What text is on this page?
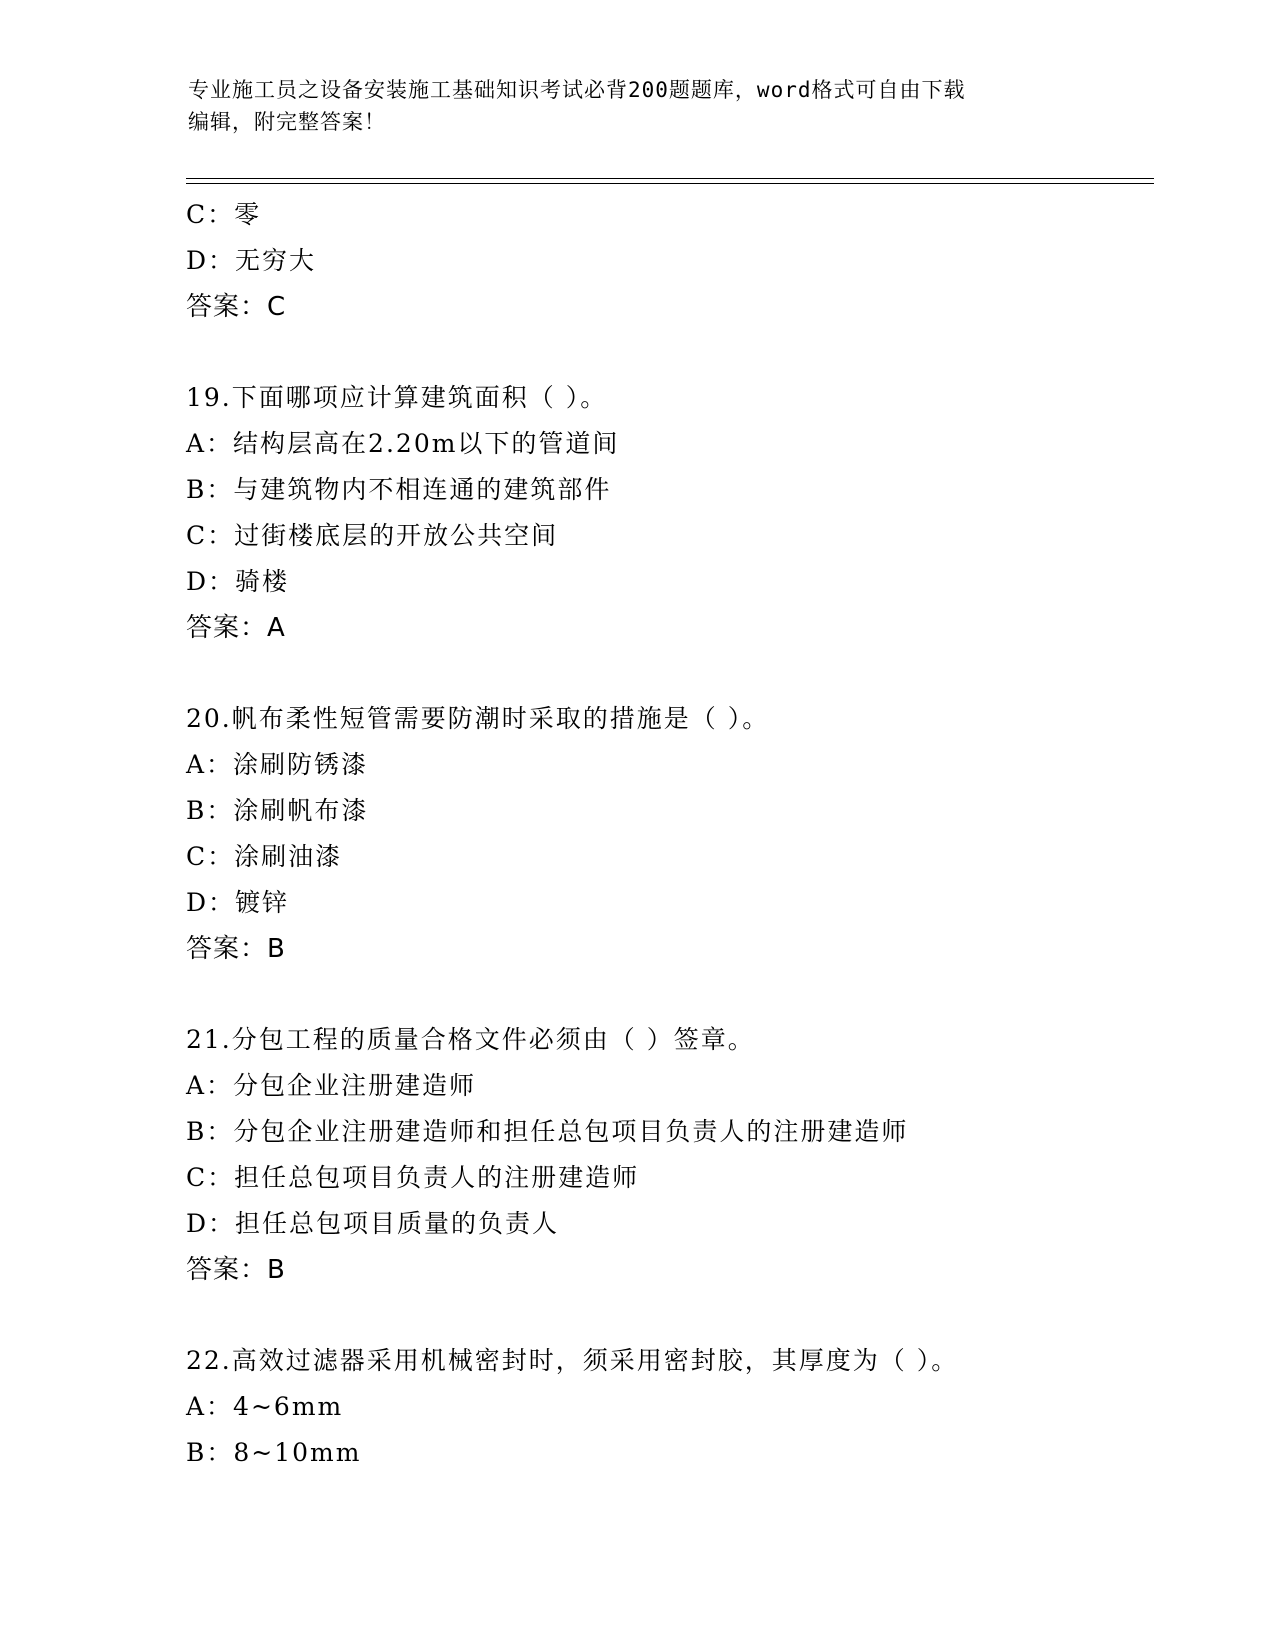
专业施工员之设备安装施工基础知识考试必背200题题库，word格式可自由下载
编辑，附完整答案！
C：零
D：无穷大
答案：C
19.下面哪项应计算建筑面积（ ）。
A：结构层高在2.20m以下的管道间
B：与建筑物内不相连通的建筑部件
C：过街楼底层的开放公共空间
D：骑楼
答案：A
20.帆布柔性短管需要防潮时采取的措施是（ ）。
A：涂刷防锈漆
B：涂刷帆布漆
C：涂刷油漆
D：镀锌
答案：B
21.分包工程的质量合格文件必须由（ ）签章。
A：分包企业注册建造师
B：分包企业注册建造师和担任总包项目负责人的注册建造师
C：担任总包项目负责人的注册建造师
D：担任总包项目质量的负责人
答案：B
22.高效过滤器采用机械密封时，须采用密封胶，其厚度为（ ）。
A：4~6mm
B：8~10mm
